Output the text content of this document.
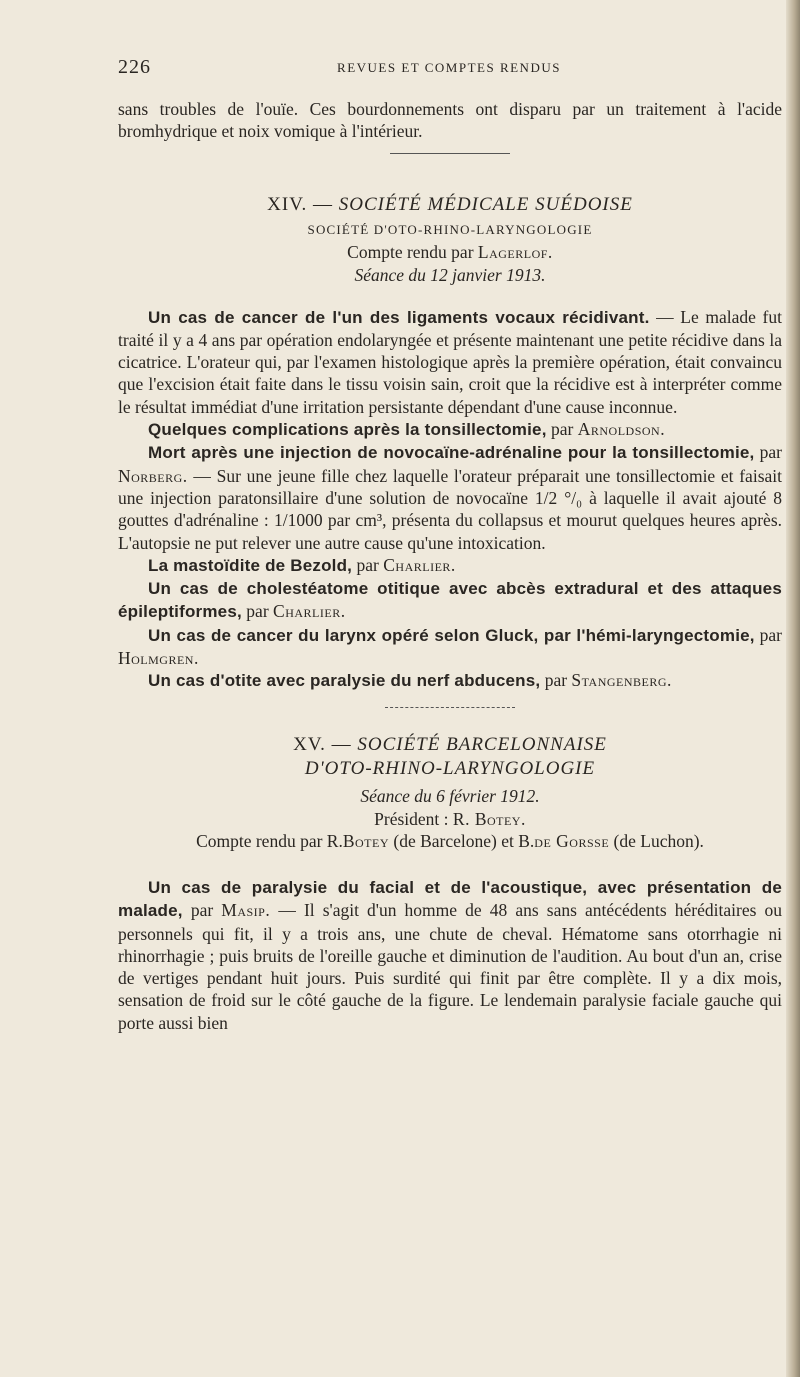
226	REVUES ET COMPTES RENDUS

sans troubles de l'ouïe. Ces bourdonnements ont disparu par un traitement à l'acide bromhydrique et noix vomique à l'intérieur.

XIV. — SOCIÉTÉ MÉDICALE SUÉDOISE

SOCIÉTÉ D'OTO-RHINO-LARYNGOLOGIE

Compte rendu par Lagerlof.

Séance du 12 janvier 1913.

Un cas de cancer de l'un des ligaments vocaux récidivant. — Le malade fut traité il y a 4 ans par opération endolaryngée et présente maintenant une petite récidive dans la cicatrice. L'orateur qui, par l'examen histologique après la première opération, était convaincu que l'excision était faite dans le tissu voisin sain, croit que la récidive est à interpréter comme le résultat immédiat d'une irritation persistante dépendant d'une cause inconnue.

Quelques complications après la tonsillectomie, par Arnoldson.

Mort après une injection de novocaïne-adrénaline pour la tonsillectomie, par Norberg. — Sur une jeune fille chez laquelle l'orateur préparait une tonsillectomie et faisait une injection paratonsillaire d'une solution de novocaïne 1/2 °/₀ à laquelle il avait ajouté 8 gouttes d'adrénaline : 1/1000 par cm³, présenta du collapsus et mourut quelques heures après. L'autopsie ne put relever une autre cause qu'une intoxication.

La mastoïdite de Bezold, par Charlier.

Un cas de cholestéatome otitique avec abcès extradural et des attaques épileptiformes, par Charlier.

Un cas de cancer du larynx opéré selon Gluck, par l'hémi-laryngectomie, par Holmgren.

Un cas d'otite avec paralysie du nerf abducens, par Stangenberg.

XV. — SOCIÉTÉ BARCELONNAISE

D'OTO-RHINO-LARYNGOLOGIE

Séance du 6 février 1912.

Président : R. Botey.

Compte rendu par R.Botey (de Barcelone) et B.de Gorsse (de Luchon).

Un cas de paralysie du facial et de l'acoustique, avec présentation de malade, par Masip. — Il s'agit d'un homme de 48 ans sans antécédents héréditaires ou personnels qui fit, il y a trois ans, une chute de cheval. Hématome sans otorrhagie ni rhinorrhagie ; puis bruits de l'oreille gauche et diminution de l'audition. Au bout d'un an, crise de vertiges pendant huit jours. Puis surdité qui finit par être complète. Il y a dix mois, sensation de froid sur le côté gauche de la figure. Le lendemain paralysie faciale gauche qui porte aussi bien
